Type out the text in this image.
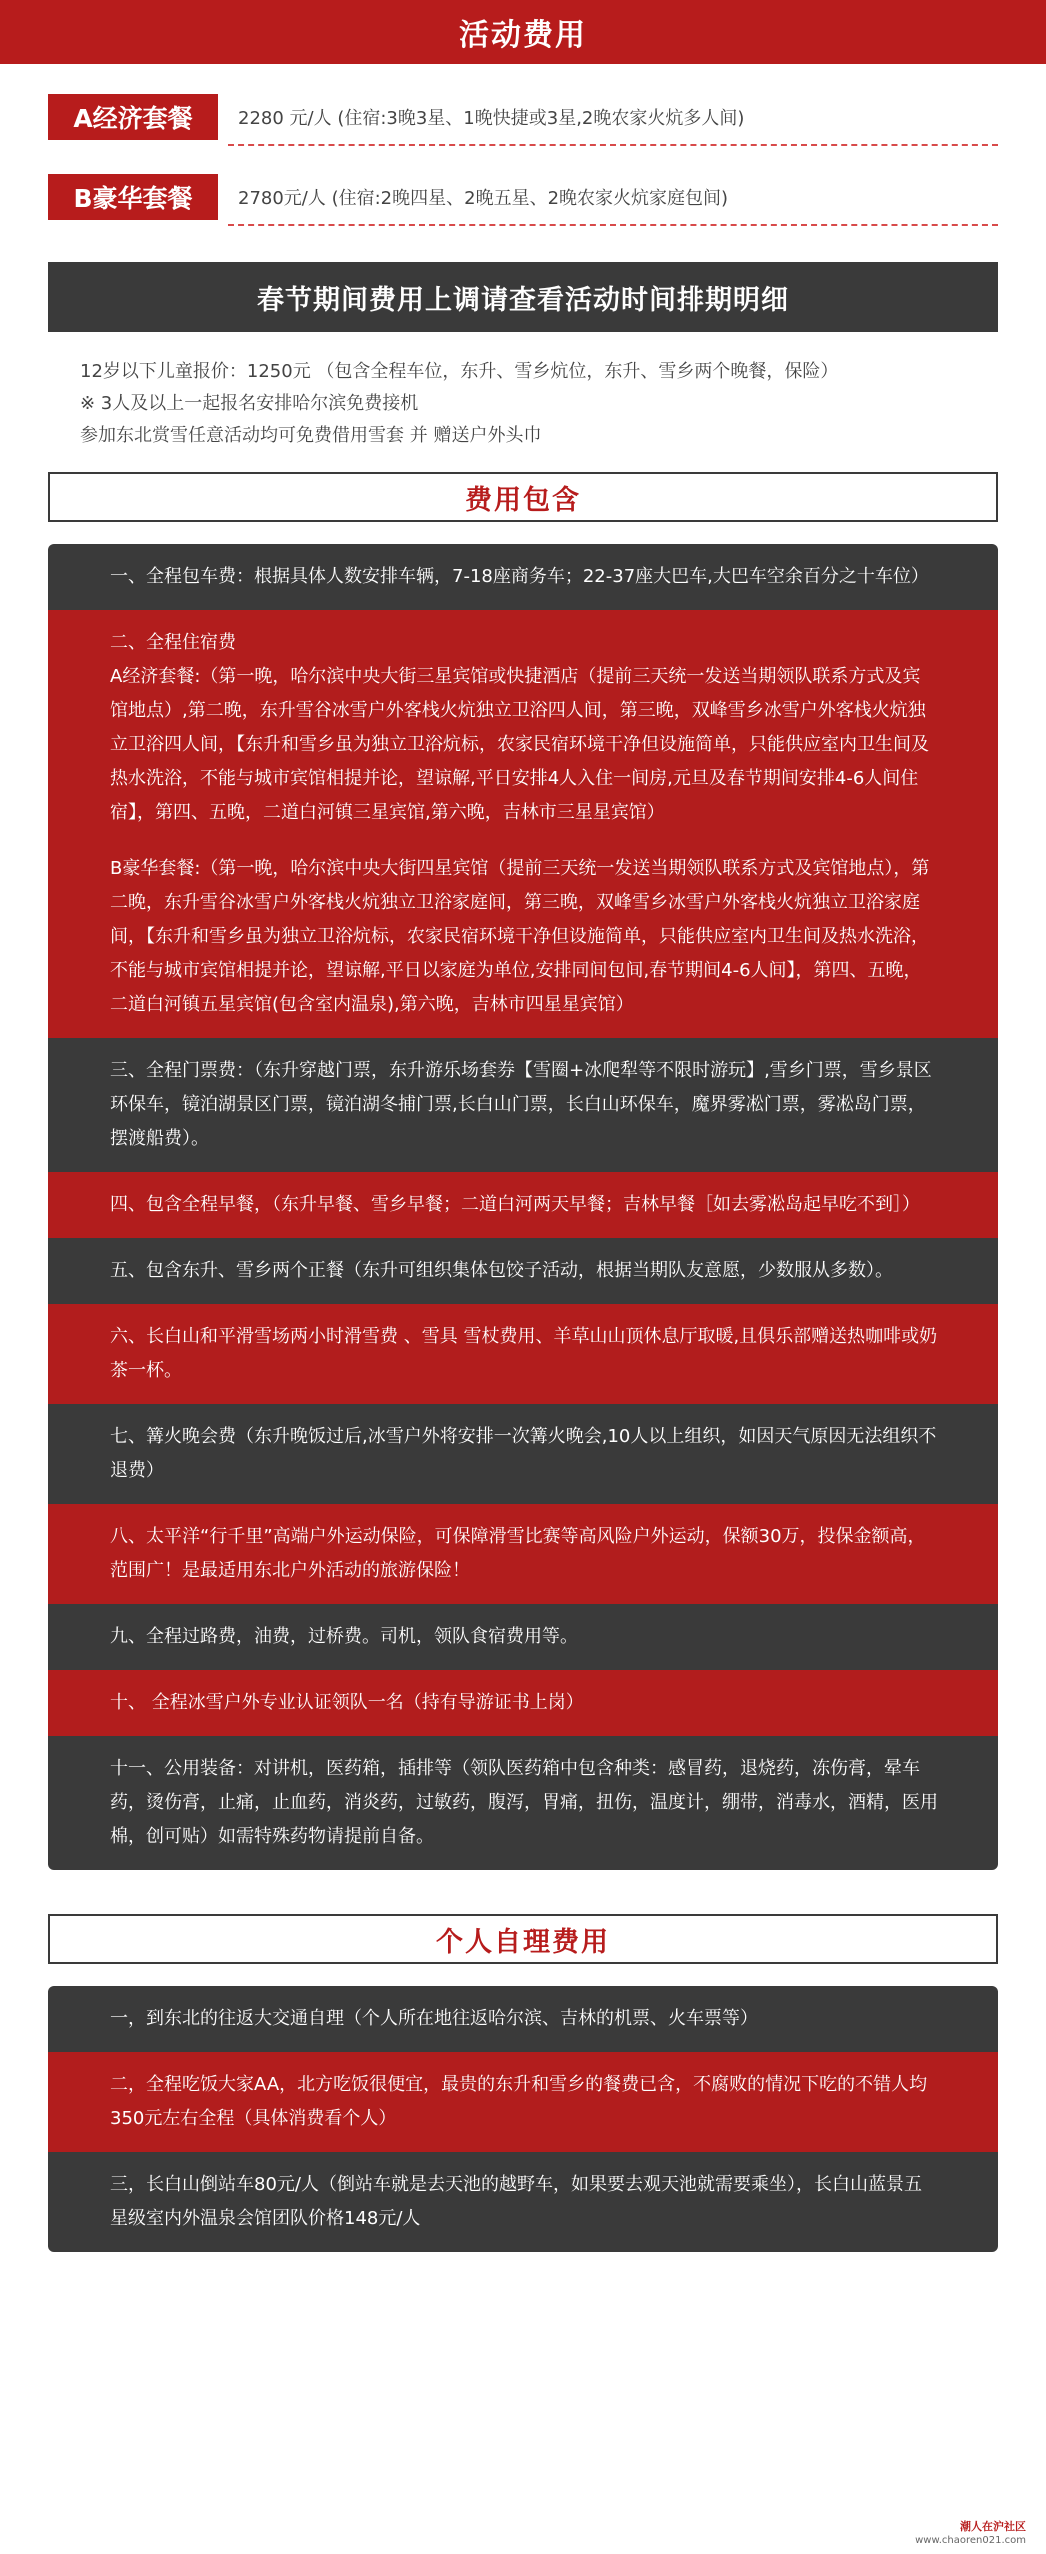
活动费用
A经济套餐	2280 元/人 (住宿:3晚3星、1晚快捷或3星,2晚农家火炕多人间)
B豪华套餐	2780元/人 (住宿:2晚四星、2晚五星、2晚农家火炕家庭包间)
春节期间费用上调请查看活动时间排期明细
12岁以下儿童报价：1250元 （包含全程车位，东升、雪乡炕位，东升、雪乡两个晚餐，保险）
※ 3人及以上一起报名安排哈尔滨免费接机
参加东北赏雪任意活动均可免费借用雪套 并 赠送户外头巾
费用包含

一、全程包车费：根据具体人数安排车辆，7-18座商务车；22-37座大巴车,大巴车空余百分之十车位）

二、全程住宿费

A经济套餐:（第一晚，哈尔滨中央大街三星宾馆或快捷酒店（提前三天统一发送当期领队联系方式及宾馆地点）,第二晚，东升雪谷冰雪户外客栈火炕独立卫浴四人间，第三晚，双峰雪乡冰雪户外客栈火炕独立卫浴四人间，【东升和雪乡虽为独立卫浴炕标，农家民宿环境干净但设施简单，只能供应室内卫生间及热水洗浴，不能与城市宾馆相提并论，望谅解,平日安排4人入住一间房,元旦及春节期间安排4-6人间住宿】，第四、五晚，二道白河镇三星宾馆,第六晚，吉林市三星星宾馆）

B豪华套餐:（第一晚，哈尔滨中央大街四星宾馆（提前三天统一发送当期领队联系方式及宾馆地点），第二晚，东升雪谷冰雪户外客栈火炕独立卫浴家庭间，第三晚，双峰雪乡冰雪户外客栈火炕独立卫浴家庭间，【东升和雪乡虽为独立卫浴炕标，农家民宿环境干净但设施简单，只能供应室内卫生间及热水洗浴，不能与城市宾馆相提并论，望谅解,平日以家庭为单位,安排同间包间,春节期间4-6人间】，第四、五晚，二道白河镇五星宾馆(包含室内温泉),第六晚，吉林市四星星宾馆）

三、全程门票费：（东升穿越门票，东升游乐场套券【雪圈+冰爬犁等不限时游玩】,雪乡门票，雪乡景区环保车，镜泊湖景区门票，镜泊湖冬捕门票,长白山门票，长白山环保车，魔界雾凇门票，雾凇岛门票，摆渡船费）。

四、包含全程早餐，（东升早餐、雪乡早餐；二道白河两天早餐；吉林早餐［如去雾凇岛起早吃不到］）

五、包含东升、雪乡两个正餐（东升可组织集体包饺子活动，根据当期队友意愿，少数服从多数）。

六、长白山和平滑雪场两小时滑雪费 、雪具 雪杖费用、羊草山山顶休息厅取暖,且俱乐部赠送热咖啡或奶茶一杯。

七、篝火晚会费（东升晚饭过后,冰雪户外将安排一次篝火晚会,10人以上组织，如因天气原因无法组织不退费）

八、太平洋“行千里”高端户外运动保险，可保障滑雪比赛等高风险户外运动，保额30万，投保金额高，范围广！是最适用东北户外活动的旅游保险！

九、全程过路费，油费，过桥费。司机，领队食宿费用等。

十、 全程冰雪户外专业认证领队一名（持有导游证书上岗）

十一、公用装备：对讲机，医药箱，插排等（领队医药箱中包含种类：感冒药，退烧药，冻伤膏，晕车药，烫伤膏，止痛，止血药，消炎药，过敏药，腹泻，胃痛，扭伤，温度计，绷带，消毒水，酒精，医用棉，创可贴）如需特殊药物请提前自备。

个人自理费用

一，到东北的往返大交通自理（个人所在地往返哈尔滨、吉林的机票、火车票等）

二，全程吃饭大家AA，北方吃饭很便宜，最贵的东升和雪乡的餐费已含，不腐败的情况下吃的不错人均350元左右全程（具体消费看个人）

三，长白山倒站车80元/人（倒站车就是去天池的越野车，如果要去观天池就需要乘坐），长白山蓝景五星级室内外温泉会馆团队价格148元/人

潮人在沪社区
www.chaoren021.com
